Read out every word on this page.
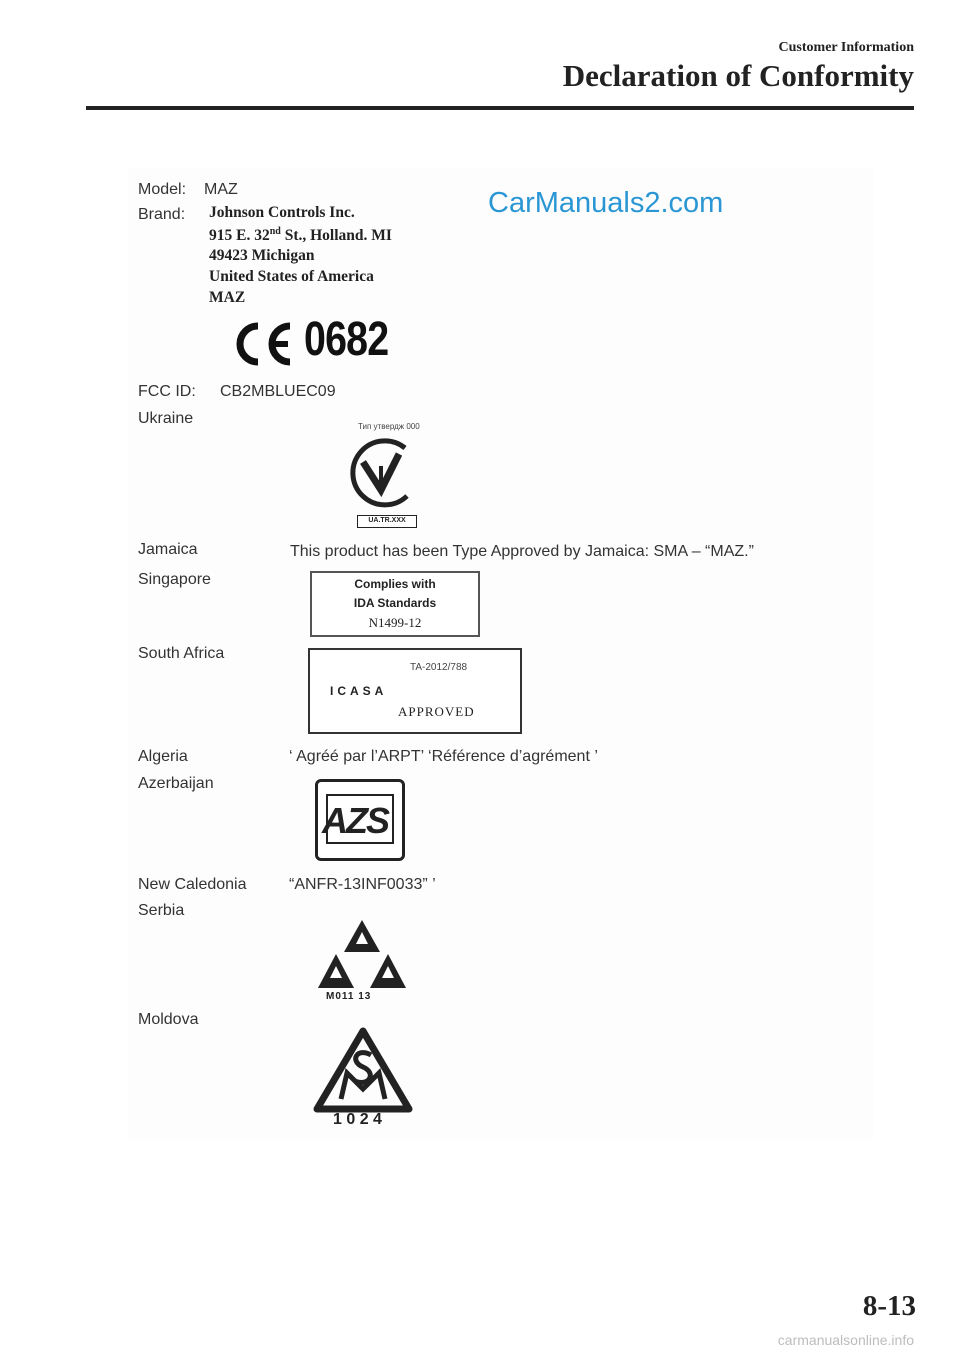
Customer Information
Declaration of Conformity
CarManuals2.com
Model: MAZ
Brand: Johnson Controls Inc.
915 E. 32nd St., Holland. MI
49423 Michigan
United States of America
MAZ
0682
FCC ID: CB2MBLUEC09
Ukraine	Тип утвердж 000
UA.TR.XXX
Jamaica	This product has been Type Approved by Jamaica: SMA – “MAZ.”
Singapore	Complies with
IDA Standards
N1499-12
South Africa
TA-2012/788
ICASA
APPROVED
Algeria	‘ Agréé par l’ARPT’ ‘Référence d’agrément ’
Azerbaijan
AZS
New Caledonia	“ANFR-13INF0033” ’
Serbia
M011 13
Moldova
1 0 2 4
8-13
carmanualsonline.info
